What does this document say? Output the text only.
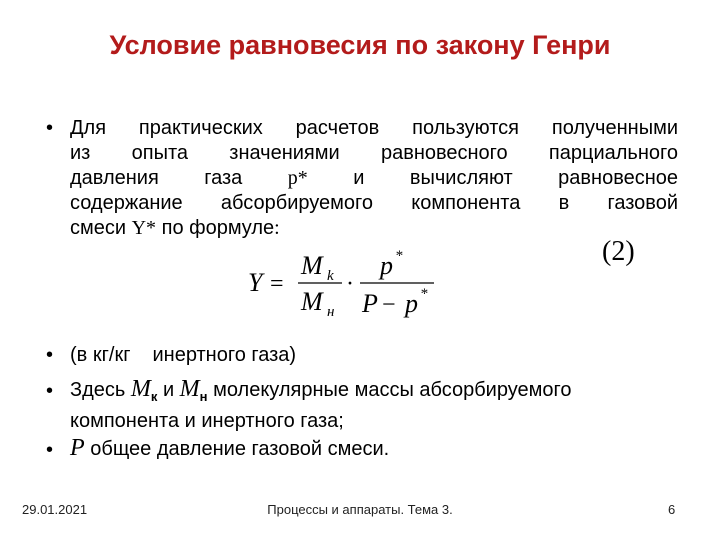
Условие равновесия по закону Генри
• Для практических расчетов пользуются полученными
из опыта значениями равновесного парциального
давления газа p* и вычисляют равновесное
содержание абсорбируемого компонента в газовой
смеси Y* по формуле:
Y =
M k
M н
·
p *
P − p *
(2)
• (в кг/кг инертного газа)
• Здесь $M_к$ и $M_н$ молекулярные массы абсорбируемого
компонента и инертного газа;
• P общее давление газовой смеси.
29.01.2021	Процессы и аппараты. Тема 3.	6
